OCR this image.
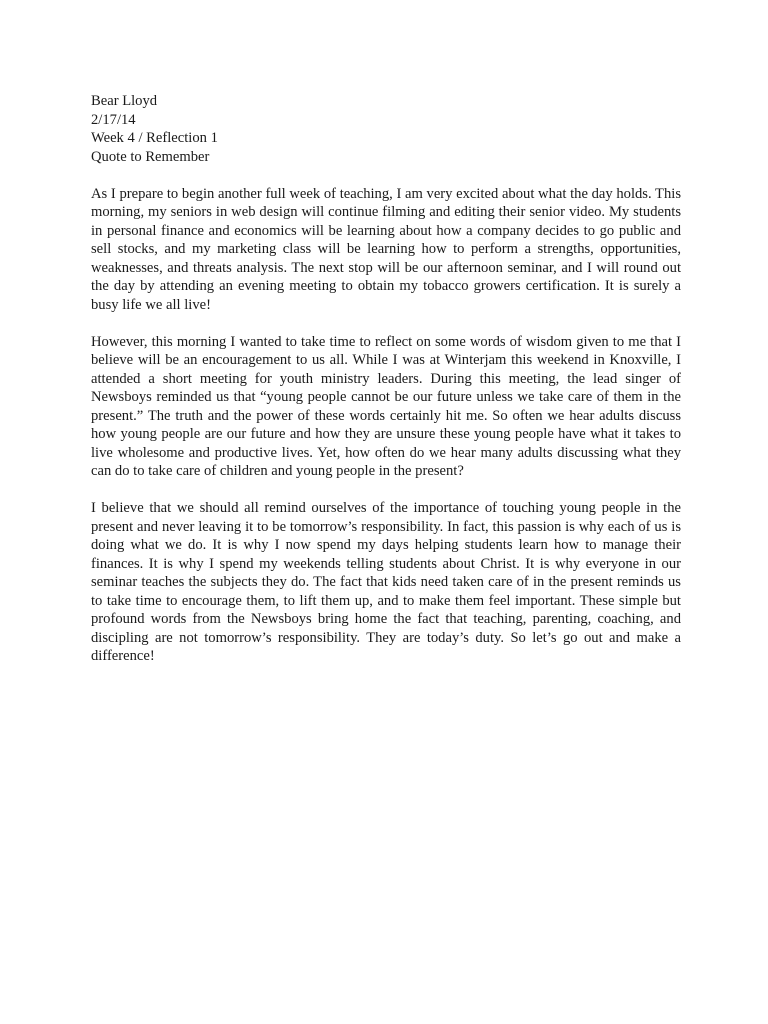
Bear Lloyd

2/17/14

Week 4 / Reflection 1

Quote to Remember

As I prepare to begin another full week of teaching, I am very excited about what the day holds. This morning, my seniors in web design will continue filming and editing their senior video. My students in personal finance and economics will be learning about how a company decides to go public and sell stocks, and my marketing class will be learning how to perform a strengths, opportunities, weaknesses, and threats analysis. The next stop will be our afternoon seminar, and I will round out the day by attending an evening meeting to obtain my tobacco growers certification. It is surely a busy life we all live!

However, this morning I wanted to take time to reflect on some words of wisdom given to me that I believe will be an encouragement to us all. While I was at Winterjam this weekend in Knoxville, I attended a short meeting for youth ministry leaders. During this meeting, the lead singer of Newsboys reminded us that “young people cannot be our future unless we take care of them in the present.” The truth and the power of these words certainly hit me. So often we hear adults discuss how young people are our future and how they are unsure these young people have what it takes to live wholesome and productive lives. Yet, how often do we hear many adults discussing what they can do to take care of children and young people in the present?

I believe that we should all remind ourselves of the importance of touching young people in the present and never leaving it to be tomorrow’s responsibility. In fact, this passion is why each of us is doing what we do. It is why I now spend my days helping students learn how to manage their finances. It is why I spend my weekends telling students about Christ. It is why everyone in our seminar teaches the subjects they do. The fact that kids need taken care of in the present reminds us to take time to encourage them, to lift them up, and to make them feel important. These simple but profound words from the Newsboys bring home the fact that teaching, parenting, coaching, and discipling are not tomorrow’s responsibility. They are today’s duty. So let’s go out and make a difference!
